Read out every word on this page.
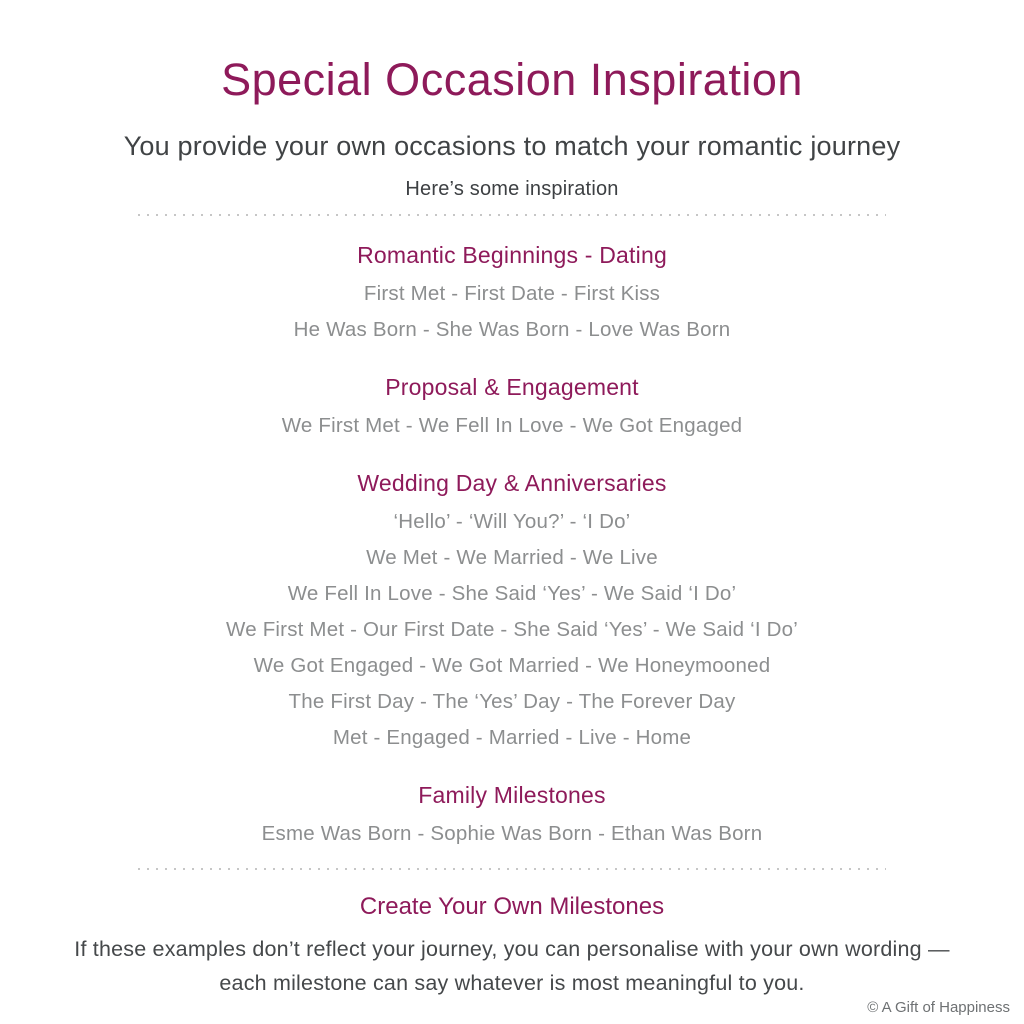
Special Occasion Inspiration

You provide your own occasions to match your romantic journey

Here’s some inspiration

Romantic Beginnings - Dating

First Met - First Date - First Kiss

He Was Born - She Was Born - Love Was Born

Proposal & Engagement

We First Met - We Fell In Love - We Got Engaged

Wedding Day & Anniversaries

‘Hello’ - ‘Will You?’ - ‘I Do’

We Met - We Married - We Live

We Fell In Love - She Said ‘Yes’ - We Said ‘I Do’

We First Met - Our First Date - She Said ‘Yes’ - We Said ‘I Do’

We Got Engaged - We Got Married - We Honeymooned

The First Day - The ‘Yes’ Day - The Forever Day

Met - Engaged - Married - Live - Home

Family Milestones

Esme Was Born - Sophie Was Born - Ethan Was Born

Create Your Own Milestones

If these examples don’t reflect your journey, you can personalise with your own wording —
each milestone can say whatever is most meaningful to you.

© A Gift of Happiness
